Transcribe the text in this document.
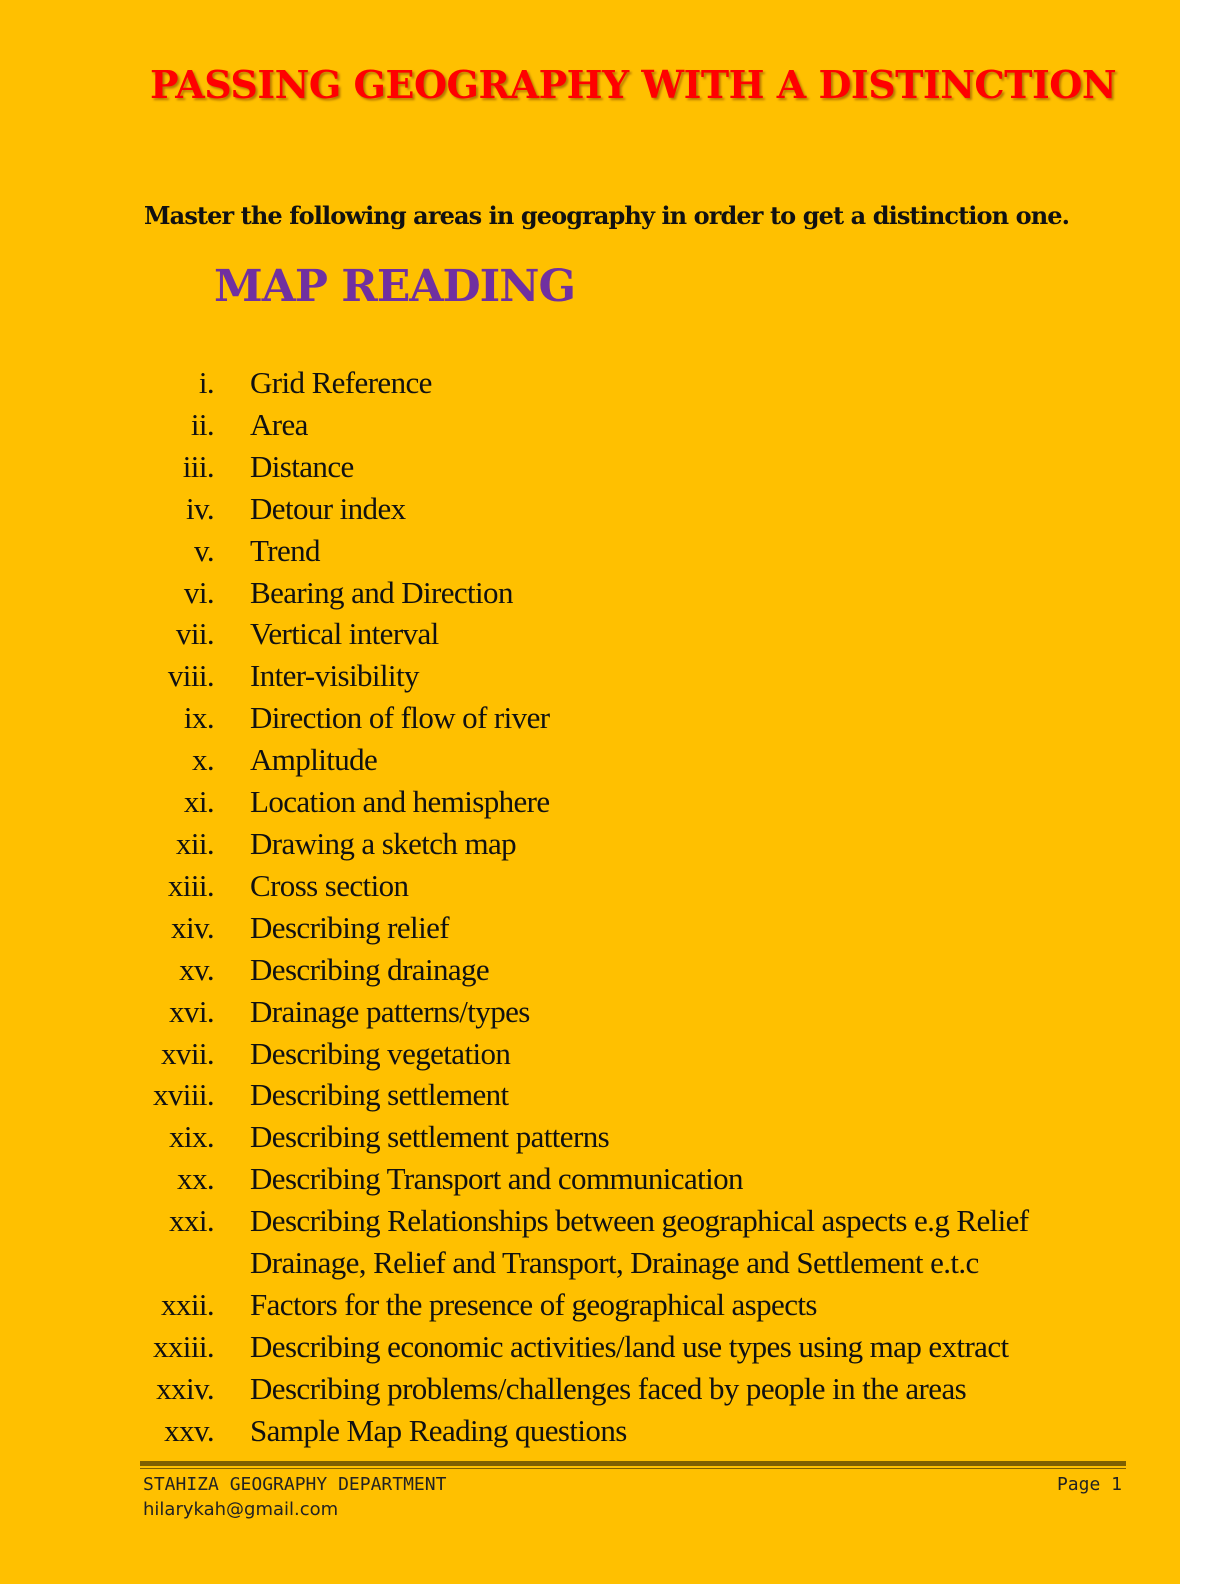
PASSING GEOGRAPHY WITH A DISTINCTION

Master the following areas in geography in order to get a distinction one.

MAP READING
i. Grid Reference
ii. Area
iii. Distance
iv. Detour index
v. Trend
vi. Bearing and Direction
vii. Vertical interval
viii. Inter-visibility
ix. Direction of flow of river
x. Amplitude
xi. Location and hemisphere
xii. Drawing a sketch map
xiii. Cross section
xiv. Describing relief
xv. Describing drainage
xvi. Drainage patterns/types
xvii. Describing vegetation
xviii. Describing settlement
xix. Describing settlement patterns
xx. Describing Transport and communication
xxi. Describing Relationships between geographical aspects e.g Relief Drainage, Relief and Transport, Drainage and Settlement e.t.c
xxii. Factors for the presence of geographical aspects
xxiii. Describing economic activities/land use types using map extract
xxiv. Describing problems/challenges faced by people in the areas
xxv. Sample Map Reading questions
STAHIZA GEOGRAPHY DEPARTMENT
hilarykah@gmail.com
Page 1
